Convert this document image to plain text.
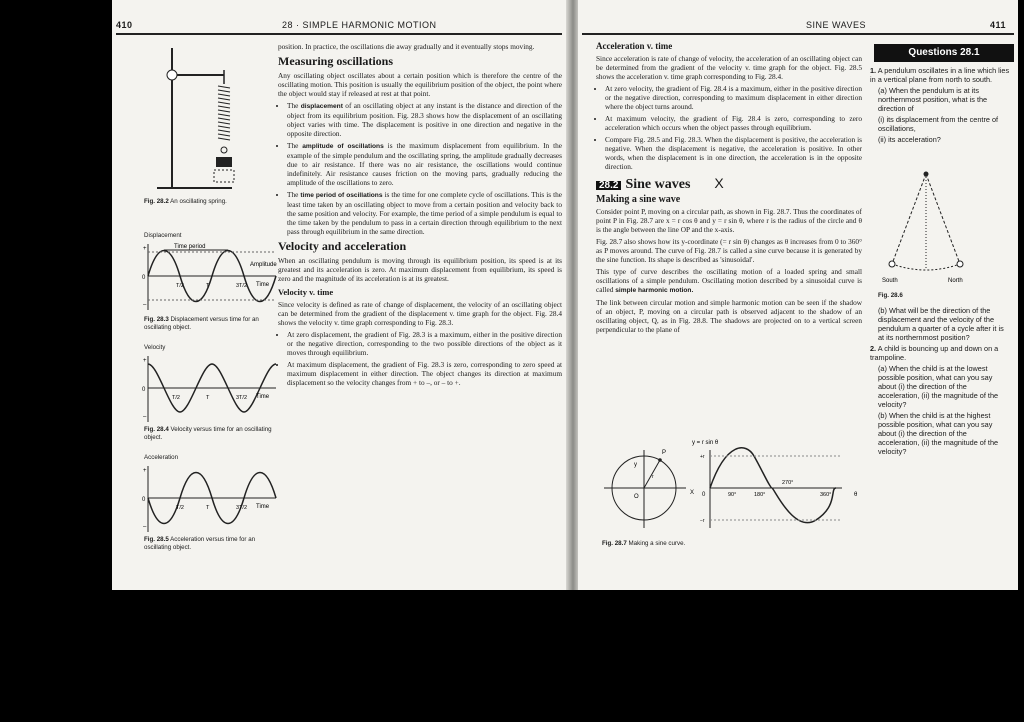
410	28 · SIMPLE HARMONIC MOTION
Fig. 28.2 An oscillating spring.
Displacement
+
0
–
Time period
Amplitude
Time
T/2	T	3T/2
Fig. 28.3 Displacement versus time for an oscillating object.
Velocity
+
0
–
Time
T/2	T	3T/2
Fig. 28.4 Velocity versus time for an oscillating object.
Acceleration
+
0
–
Time
T/2	T	3T/2
Fig. 28.5 Acceleration versus time for an oscillating object.

position. In practice, the oscillations die away gradually and it eventually stops moving.

Measuring oscillations

Any oscillating object oscillates about a certain position which is therefore the centre of the oscillating motion. This position is usually the equilibrium position of the object, the point where the object would stay if released at rest at that point.

• The displacement of an oscillating object at any instant is the distance and direction of the object from its equilibrium position. Fig. 28.3 shows how the displacement of an oscillating object varies with time. The displacement is positive in one direction and negative in the opposite direction.
• The amplitude of oscillations is the maximum displacement from equilibrium. In the example of the simple pendulum and the oscillating spring, the amplitude gradually decreases due to air resistance. If there was no air resistance, the oscillations would continue indefinitely. Air resistance causes friction on the moving parts, gradually reducing the amplitude of the oscillations to zero.
• The time period of oscillations is the time for one complete cycle of oscillations. This is the least time taken by an oscillating object to move from a certain position and velocity back to the same position and velocity. For example, the time period of a simple pendulum is equal to the time taken by the pendulum to pass in a certain direction through equilibrium to the next pass through equilibrium in the same direction.
Velocity and acceleration

When an oscillating pendulum is moving through its equilibrium position, its speed is at its greatest and its acceleration is zero. At maximum displacement from equilibrium, its speed is zero and the magnitude of its acceleration is at its greatest.

Velocity v. time

Since velocity is defined as rate of change of displacement, the velocity of an oscillating object can be determined from the gradient of the displacement v. time graph for the object. Fig. 28.4 shows the velocity v. time graph corresponding to Fig. 28.3.

• At zero displacement, the gradient of Fig. 28.3 is a maximum, either in the positive direction or the negative direction, corresponding to the two possible directions of the object as it moves through equilibrium.
• At maximum displacement, the gradient of Fig. 28.3 is zero, corresponding to zero speed at maximum displacement in either direction. The object changes its direction at maximum displacement so the velocity changes from + to –, or – to +.
SINE WAVES	411
Acceleration v. time

Since acceleration is rate of change of velocity, the acceleration of an oscillating object can be determined from the gradient of the velocity v. time graph for the object. Fig. 28.5 shows the acceleration v. time graph corresponding to Fig. 28.4.

• At zero velocity, the gradient of Fig. 28.4 is a maximum, either in the positive direction or the negative direction, corresponding to maximum displacement in either direction where the object turns around.
• At maximum velocity, the gradient of Fig. 28.4 is zero, corresponding to zero acceleration which occurs when the object passes through equilibrium.
• Compare Fig. 28.5 and Fig. 28.3. When the displacement is positive, the acceleration is negative. When the displacement is negative, the acceleration is positive. In other words, when the displacement is in one direction, the acceleration is in the opposite direction.
28.2 Sine waves X
Making a sine wave

Consider point P, moving on a circular path, as shown in Fig. 28.7. Thus the coordinates of point P in Fig. 28.7 are x = r cos θ and y = r sin θ, where r is the radius of the circle and θ is the angle between the line OP and the x-axis.

Fig. 28.7 also shows how its y-coordinate (= r sin θ) changes as θ increases from 0 to 360° as P moves around. The curve of Fig. 28.7 is called a sine curve because it is generated by the sine function. Its shape is described as 'sinusoidal'.

This type of curve describes the oscillating motion of a loaded spring and small oscillations of a simple pendulum. Oscillating motion described by a sinusoidal curve is called simple harmonic motion.

The link between circular motion and simple harmonic motion can be seen if the shadow of an object, P, moving on a circular path is observed adjacent to the shadow of an oscillating object, Q, as in Fig. 28.8. The shadows are projected on to a vertical screen perpendicular to the plane of

y = r sin θ
P
y
X
O
r
+r
−r
0	90°	180°
270°
360°	θ
Fig. 28.7 Making a sine curve.
Questions 28.1

1. A pendulum oscillates in a line which lies in a vertical plane from north to south.

(a) When the pendulum is at its northernmost position, what is the direction of

(i) its displacement from the centre of oscillations,

(ii) its acceleration?

South	North
Fig. 28.6

(b) What will be the direction of the displacement and the velocity of the pendulum a quarter of a cycle after it is at its northernmost position?

2. A child is bouncing up and down on a trampoline.

(a) When the child is at the lowest possible position, what can you say about (i) the direction of the acceleration, (ii) the magnitude of the velocity?

(b) When the child is at the highest possible position, what can you say about (i) the direction of the acceleration, (ii) the magnitude of the velocity?
